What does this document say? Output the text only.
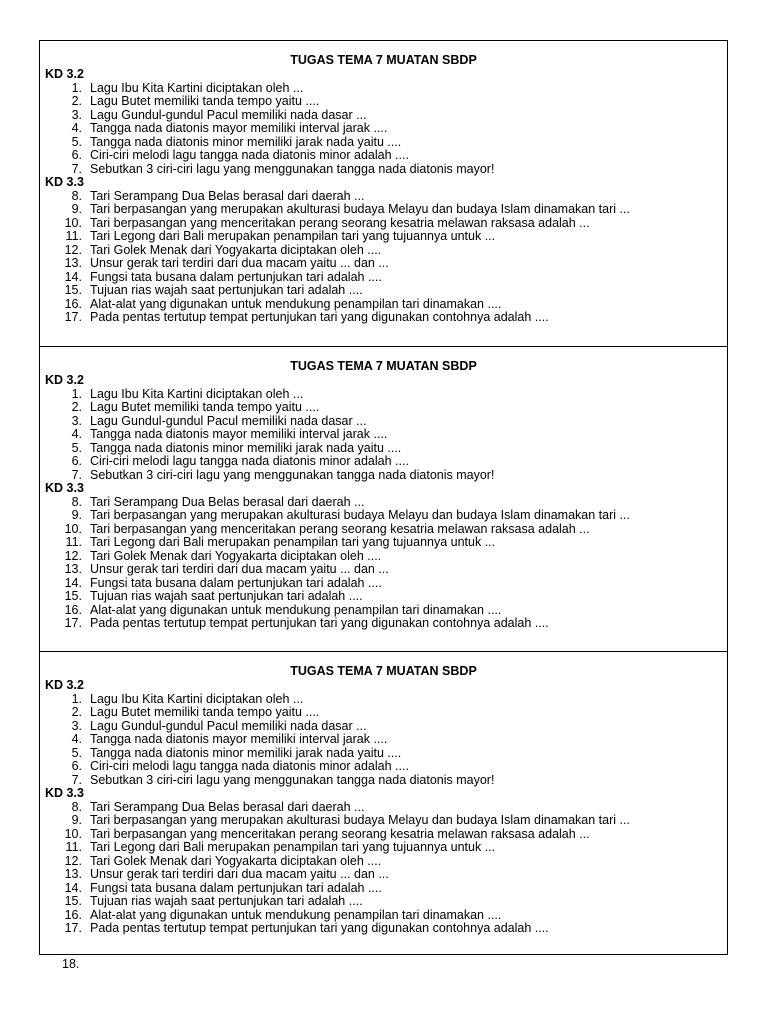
TUGAS TEMA 7 MUATAN SBDP
KD 3.2
1. Lagu Ibu Kita Kartini diciptakan oleh ...
2. Lagu Butet memiliki tanda tempo yaitu ....
3. Lagu Gundul-gundul Pacul memiliki nada dasar ...
4. Tangga nada diatonis mayor memiliki interval jarak ....
5. Tangga nada diatonis minor memiliki jarak nada yaitu ....
6. Ciri-ciri melodi lagu tangga nada diatonis minor adalah ....
7. Sebutkan 3 ciri-ciri lagu yang menggunakan tangga nada diatonis mayor!
KD 3.3
8. Tari Serampang Dua Belas berasal dari daerah ...
9. Tari berpasangan yang merupakan akulturasi budaya Melayu dan budaya Islam dinamakan tari ...
10. Tari berpasangan yang menceritakan perang seorang kesatria melawan raksasa adalah ...
11. Tari Legong dari Bali merupakan penampilan tari yang tujuannya untuk ...
12. Tari Golek Menak dari Yogyakarta diciptakan oleh ....
13. Unsur gerak tari terdiri dari dua macam yaitu ... dan ...
14. Fungsi tata busana dalam pertunjukan tari adalah ....
15. Tujuan rias wajah saat pertunjukan tari adalah ....
16. Alat-alat yang digunakan untuk mendukung penampilan tari dinamakan ....
17. Pada pentas tertutup tempat pertunjukan tari yang digunakan contohnya adalah ....
TUGAS TEMA 7 MUATAN SBDP
KD 3.2
1. Lagu Ibu Kita Kartini diciptakan oleh ...
2. Lagu Butet memiliki tanda tempo yaitu ....
3. Lagu Gundul-gundul Pacul memiliki nada dasar ...
4. Tangga nada diatonis mayor memiliki interval jarak ....
5. Tangga nada diatonis minor memiliki jarak nada yaitu ....
6. Ciri-ciri melodi lagu tangga nada diatonis minor adalah ....
7. Sebutkan 3 ciri-ciri lagu yang menggunakan tangga nada diatonis mayor!
KD 3.3
8. Tari Serampang Dua Belas berasal dari daerah ...
9. Tari berpasangan yang merupakan akulturasi budaya Melayu dan budaya Islam dinamakan tari ...
10. Tari berpasangan yang menceritakan perang seorang kesatria melawan raksasa adalah ...
11. Tari Legong dari Bali merupakan penampilan tari yang tujuannya untuk ...
12. Tari Golek Menak dari Yogyakarta diciptakan oleh ....
13. Unsur gerak tari terdiri dari dua macam yaitu ... dan ...
14. Fungsi tata busana dalam pertunjukan tari adalah ....
15. Tujuan rias wajah saat pertunjukan tari adalah ....
16. Alat-alat yang digunakan untuk mendukung penampilan tari dinamakan ....
17. Pada pentas tertutup tempat pertunjukan tari yang digunakan contohnya adalah ....
TUGAS TEMA 7 MUATAN SBDP
KD 3.2
1. Lagu Ibu Kita Kartini diciptakan oleh ...
2. Lagu Butet memiliki tanda tempo yaitu ....
3. Lagu Gundul-gundul Pacul memiliki nada dasar ...
4. Tangga nada diatonis mayor memiliki interval jarak ....
5. Tangga nada diatonis minor memiliki jarak nada yaitu ....
6. Ciri-ciri melodi lagu tangga nada diatonis minor adalah ....
7. Sebutkan 3 ciri-ciri lagu yang menggunakan tangga nada diatonis mayor!
KD 3.3
8. Tari Serampang Dua Belas berasal dari daerah ...
9. Tari berpasangan yang merupakan akulturasi budaya Melayu dan budaya Islam dinamakan tari ...
10. Tari berpasangan yang menceritakan perang seorang kesatria melawan raksasa adalah ...
11. Tari Legong dari Bali merupakan penampilan tari yang tujuannya untuk ...
12. Tari Golek Menak dari Yogyakarta diciptakan oleh ....
13. Unsur gerak tari terdiri dari dua macam yaitu ... dan ...
14. Fungsi tata busana dalam pertunjukan tari adalah ....
15. Tujuan rias wajah saat pertunjukan tari adalah ....
16. Alat-alat yang digunakan untuk mendukung penampilan tari dinamakan ....
17. Pada pentas tertutup tempat pertunjukan tari yang digunakan contohnya adalah ....
18.
